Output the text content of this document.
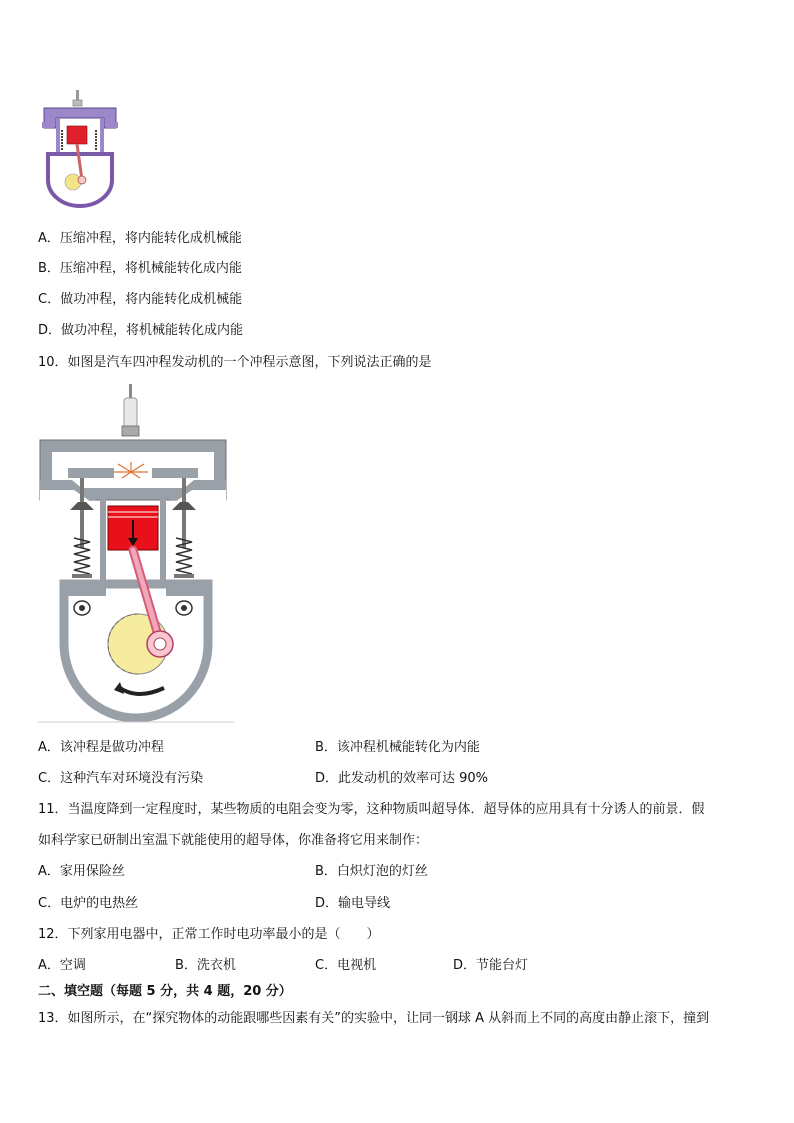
A．压缩冲程，将内能转化成机械能
B．压缩冲程，将机械能转化成内能
C．做功冲程，将内能转化成机械能
D．做功冲程，将机械能转化成内能
10．如图是汽车四冲程发动机的一个冲程示意图，下列说法正确的是
A．该冲程是做功冲程	B．该冲程机械能转化为内能
C．这种汽车对环境没有污染	D．此发动机的效率可达 90%
11．当温度降到一定程度时，某些物质的电阻会变为零，这种物质叫超导体．超导体的应用具有十分诱人的前景．假
如科学家已研制出室温下就能使用的超导体，你准备将它用来制作：
A．家用保险丝	B．白炽灯泡的灯丝
C．电炉的电热丝	D．输电导线
12．下列家用电器中，正常工作时电功率最小的是（　　）
A．空调	B．洗衣机	C．电视机	D．节能台灯
二、填空题（每题 5 分，共 4 题，20 分）
13．如图所示，在“探究物体的动能跟哪些因素有关”的实验中，让同一钢球 A 从斜而上不同的高度由静止滚下，撞到
